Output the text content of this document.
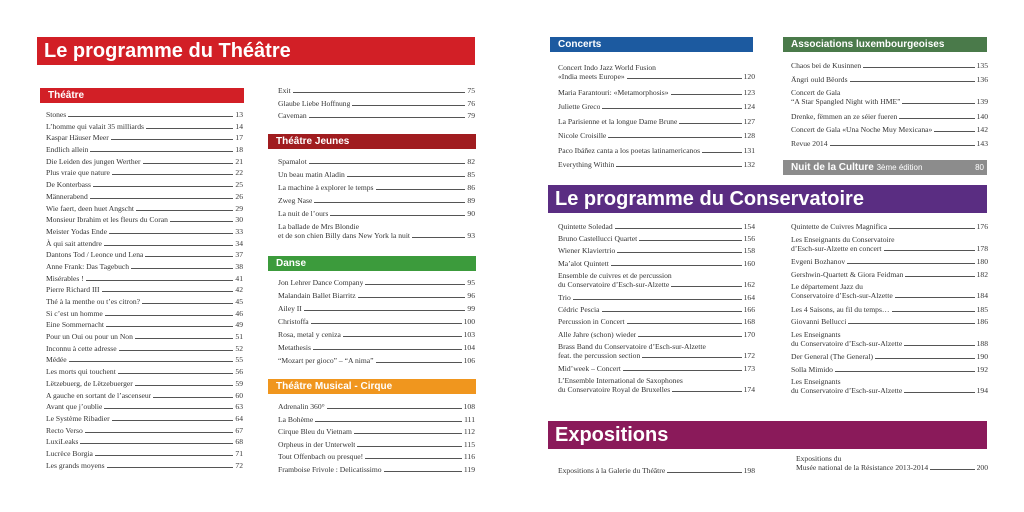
Le programme du Théâtre
Le programme du Conservatoire
Expositions
Théâtre
Théâtre Jeunes
Danse
Théâtre Musical - Cirque
Concerts	Associations luxembourgeoises
Nuit de la Culture 3ème édition	80
Stones	13
L’homme qui valait 35 milliards	14
Kaspar Häuser Meer	17
Endlich allein	18
Die Leiden des jungen Werther	21
Plus vraie que nature	22
De Konterbass	25
Männerabend	26
Wie faert, deen huet Angscht	29
Monsieur Ibrahim et les fleurs du Coran	30
Meister Yodas Ende	33
À qui sait attendre	34
Dantons Tod / Leonce und Lena	37
Anne Frank: Das Tagebuch	38
Misérables !	41
Pierre Richard III	42
Thé à la menthe ou t’es citron?	45
Si c’est un homme	46
Eine Sommernacht	49
Pour un Oui ou pour un Non	51
Inconnu à cette adresse	52
Médée	55
Les morts qui touchent	56
Lëtzebuerg, de Lëtzebuerger	59
A gauche en sortant de l’ascenseur	60
Avant que j’oublie	63
Le Système Ribadier	64
Recto Verso	67
LuxiLeaks	68
Lucrèce Borgia	71
Les grands moyens	72
Exit	75
Glaube Liebe Hoffnung	76
Caveman	79
Spamalot	82
Un beau matin Aladin	85
La machine à explorer le temps	86
Zweg Nase	89
La nuit de l’ours	90
La ballade de Mrs Blondie
et de son chien Billy dans New York la nuit	93
Jon Lehrer Dance Company	95
Malandain Ballet Biarritz	96
Ailey II	99
Christoffa	100
Rosa, metal y ceniza	103
Metathesis	104
“Mozart per gioco” – “A nima”	106
Adrenalin 360°	108
La Bohème	111
Cirque Bleu du Vietnam	112
Orpheus in der Unterwelt	115
Tout Offenbach ou presque!	116
Framboise Frivole : Delicatissimo	119
Concert Indo Jazz World Fusion
«India meets Europe»	120
Maria Farantouri: «Metamorphosis»	123
Juliette Greco	124
La Parisienne et la longue Dame Brune	127
Nicole Croisille	128
Paco Ibáñez canta a los poetas latinamericanos	131
Everything Within	132
Chaos bei de Kusinnen	135
Ängri ould Bëords	136
Concert de Gala
“A Star Spangled Night with HME”	139
Drenke, fëmmen an ze séier fueren	140
Concert de Gala «Una Noche Muy Mexicana»	142
Revue 2014	143
Quintette Soledad	154
Bruno Castellucci Quartet	156
Wiener Klaviertrio	158
Ma’alot Quintett	160
Ensemble de cuivres et de percussion
du Conservatoire d’Esch-sur-Alzette	162
Trio	164
Cédric Pescia	166
Percussion in Concert	168
Alle Jahre (schon) wieder	170
Brass Band du Conservatoire d’Esch-sur-Alzette
feat. the percussion section	172
Mid’week – Concert	173
L’Ensemble International de Saxophones
du Conservatoire Royal de Bruxelles	174
Quintette de Cuivres Magnifica	176
Les Enseignants du Conservatoire
d’Esch-sur-Alzette en concert	178
Evgeni Bozhanov	180
Gershwin-Quartett & Giora Feidman	182
Le département Jazz du
Conservatoire d’Esch-sur-Alzette	184
Les 4 Saisons, au fil du temps…	185
Giovanni Bellucci	186
Les Enseignants
du Conservatoire d’Esch-sur-Alzette	188
Der General (The General)	190
Solla Mimido	192
Les Enseignants
du Conservatoire d’Esch-sur-Alzette	194
Expositions à la Galerie du Théâtre	198
Expositions du
Musée national de la Résistance 2013-2014	200
